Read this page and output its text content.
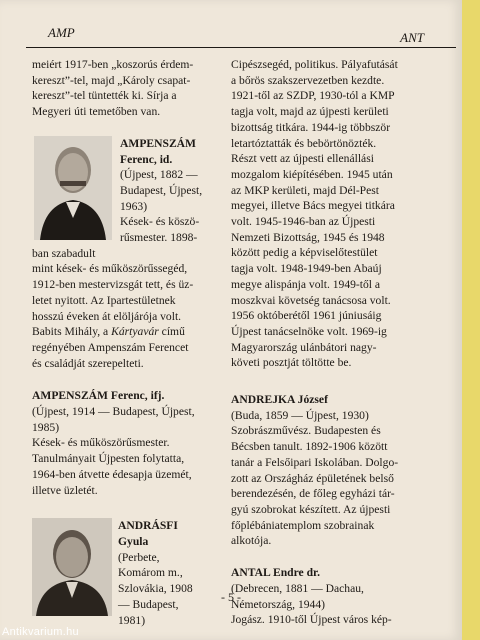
AMP	ANT
meiért 1917-ben „koszorús érdem-
kereszt”-tel, majd „Károly csapat-
kereszt”-tel tüntették ki. Sírja a
Megyeri úti temetőben van.
AMPENSZÁM
Ferenc, id.
(Újpest, 1882 —
Budapest, Újpest,
1963)
Kések- és köszö-
rűsmester. 1898-
ban szabadult
mint kések- és műköszörűssegéd,
1912-ben mestervizsgát tett, és üz-
letet nyitott. Az Ipartestületnek
hosszú éveken át elöljárója volt.
Babits Mihály, a Kártyavár című
regényében Ampenszám Ferencet
és családját szerepelteti.
AMPENSZÁM Ferenc, ifj.
(Újpest, 1914 — Budapest, Újpest,
1985)
Kések- és műköszörűsmester.
Tanulmányait Újpesten folytatta,
1964-ben átvette édesapja üzemét,
illetve üzletét.
ANDRÁSFI
Gyula
(Perbete,
Komárom m.,
Szlovákia, 1908
— Budapest,
1981)
Cipészsegéd, politikus. Pályafutását
a bőrös szakszervezetben kezdte.
1921-től az SZDP, 1930-tól a KMP
tagja volt, majd az újpesti kerületi
bizottság titkára. 1944-ig többször
letartóztatták és bebörtönözték.
Részt vett az újpesti ellenállási
mozgalom kiépítésében. 1945 után
az MKP kerületi, majd Dél-Pest
megyei, illetve Bács megyei titkára
volt. 1945-1946-ban az Újpesti
Nemzeti Bizottság, 1945 és 1948
között pedig a képviselőtestület
tagja volt. 1948-1949-ben Abaúj
megye alispánja volt. 1949-től a
moszkvai követség tanácsosa volt.
1956 októberétől 1961 júniusáig
Újpest tanácselnöke volt. 1969-ig
Magyarország ulánbátori nagy-
követi posztját töltötte be.
ANDREJKA József
(Buda, 1859 — Újpest, 1930)
Szobrászművész. Budapesten és
Bécsben tanult. 1892-1906 között
tanár a Felsőipari Iskolában. Dolgo-
zott az Országház épületének belső
berendezésén, de főleg egyházi tár-
gyú szobrokat készített. Az újpesti
főplébániatemplom szobrainak
alkotója.
ANTAL Endre dr.
(Debrecen, 1881 — Dachau,
Németország, 1944)
Jogász. 1910-től Újpest város kép-
- 5 -
Antikvarium.hu
